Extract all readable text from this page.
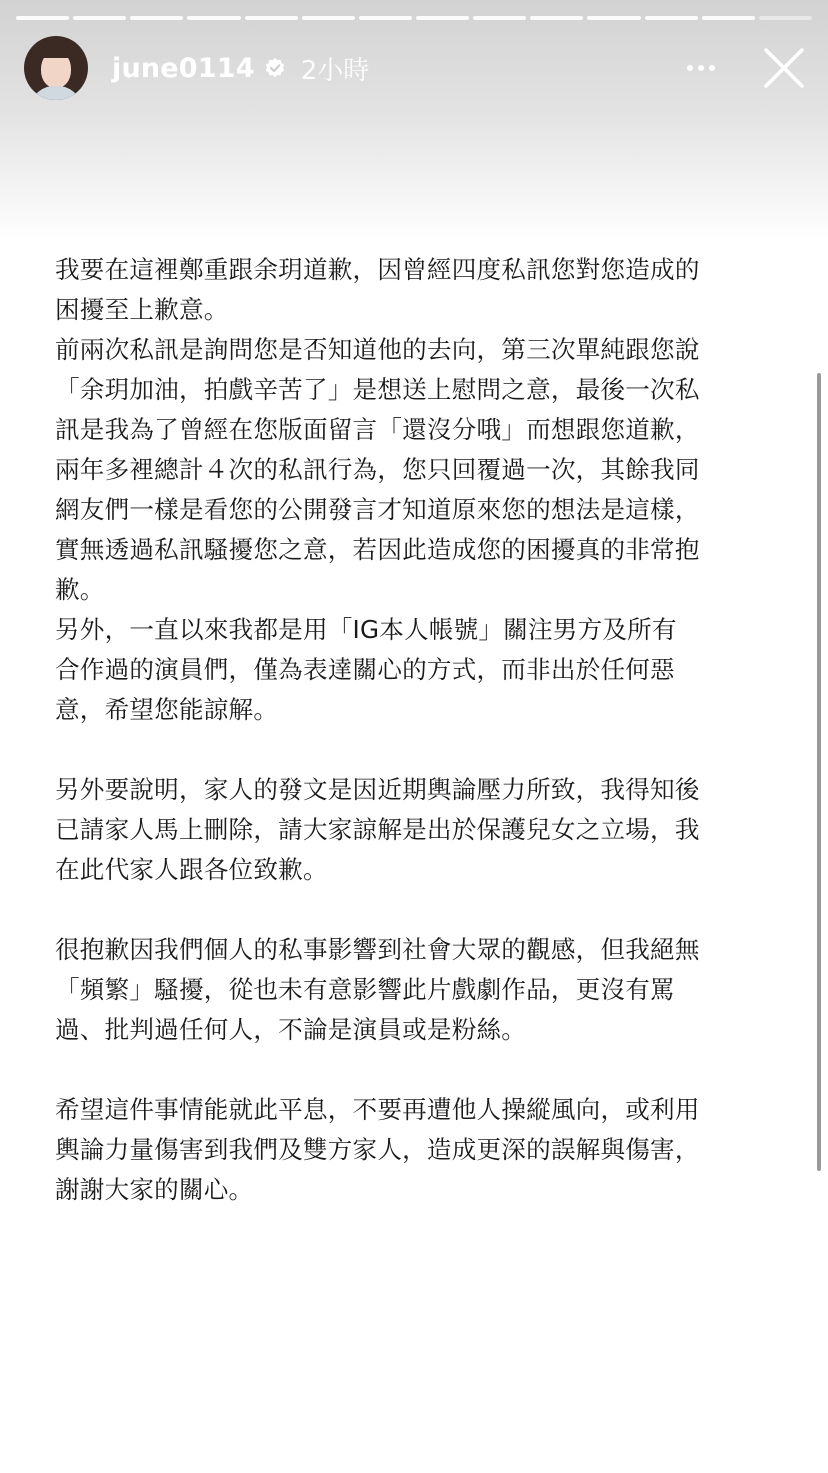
june0114 2小時

我要在這裡鄭重跟余玥道歉，因曾經四度私訊您對您造成的
困擾至上歉意。
前兩次私訊是詢問您是否知道他的去向，第三次單純跟您說
「余玥加油，拍戲辛苦了」是想送上慰問之意，最後一次私
訊是我為了曾經在您版面留言「還沒分哦」而想跟您道歉，
兩年多裡總計４次的私訊行為，您只回覆過一次，其餘我同
網友們一樣是看您的公開發言才知道原來您的想法是這樣，
實無透過私訊騷擾您之意，若因此造成您的困擾真的非常抱
歉。
另外，一直以來我都是用「IG本人帳號」關注男方及所有
合作過的演員們，僅為表達關心的方式，而非出於任何惡
意，希望您能諒解。

另外要說明，家人的發文是因近期輿論壓力所致，我得知後
已請家人馬上刪除，請大家諒解是出於保護兒女之立場，我
在此代家人跟各位致歉。

很抱歉因我們個人的私事影響到社會大眾的觀感，但我絕無
「頻繁」騷擾，從也未有意影響此片戲劇作品，更沒有罵
過、批判過任何人，不論是演員或是粉絲。

希望這件事情能就此平息，不要再遭他人操縱風向，或利用
輿論力量傷害到我們及雙方家人，造成更深的誤解與傷害，
謝謝大家的關心。
